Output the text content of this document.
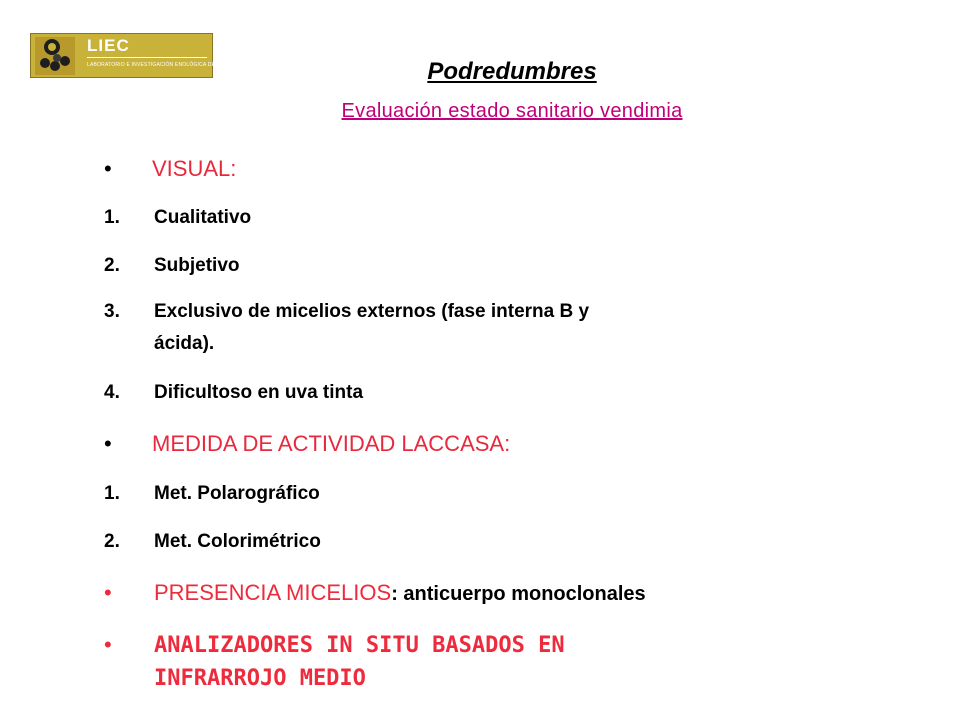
LIEC
LABORATORIO E INVESTIGACIÓN ENOLÓGICA DE CASTILLA	Podredumbres
Evaluación estado sanitario vendimia
• VISUAL:
1. Cualitativo
2. Subjetivo
3. Exclusivo de micelios externos (fase interna B y
ácida).
4. Dificultoso en uva tinta
• MEDIDA DE ACTIVIDAD LACCASA:
1. Met. Polarográfico
2. Met. Colorimétrico
• PRESENCIA MICELIOS: anticuerpo monoclonales
• ANALIZADORES IN SITU BASADOS EN
INFRARROJO MEDIO
